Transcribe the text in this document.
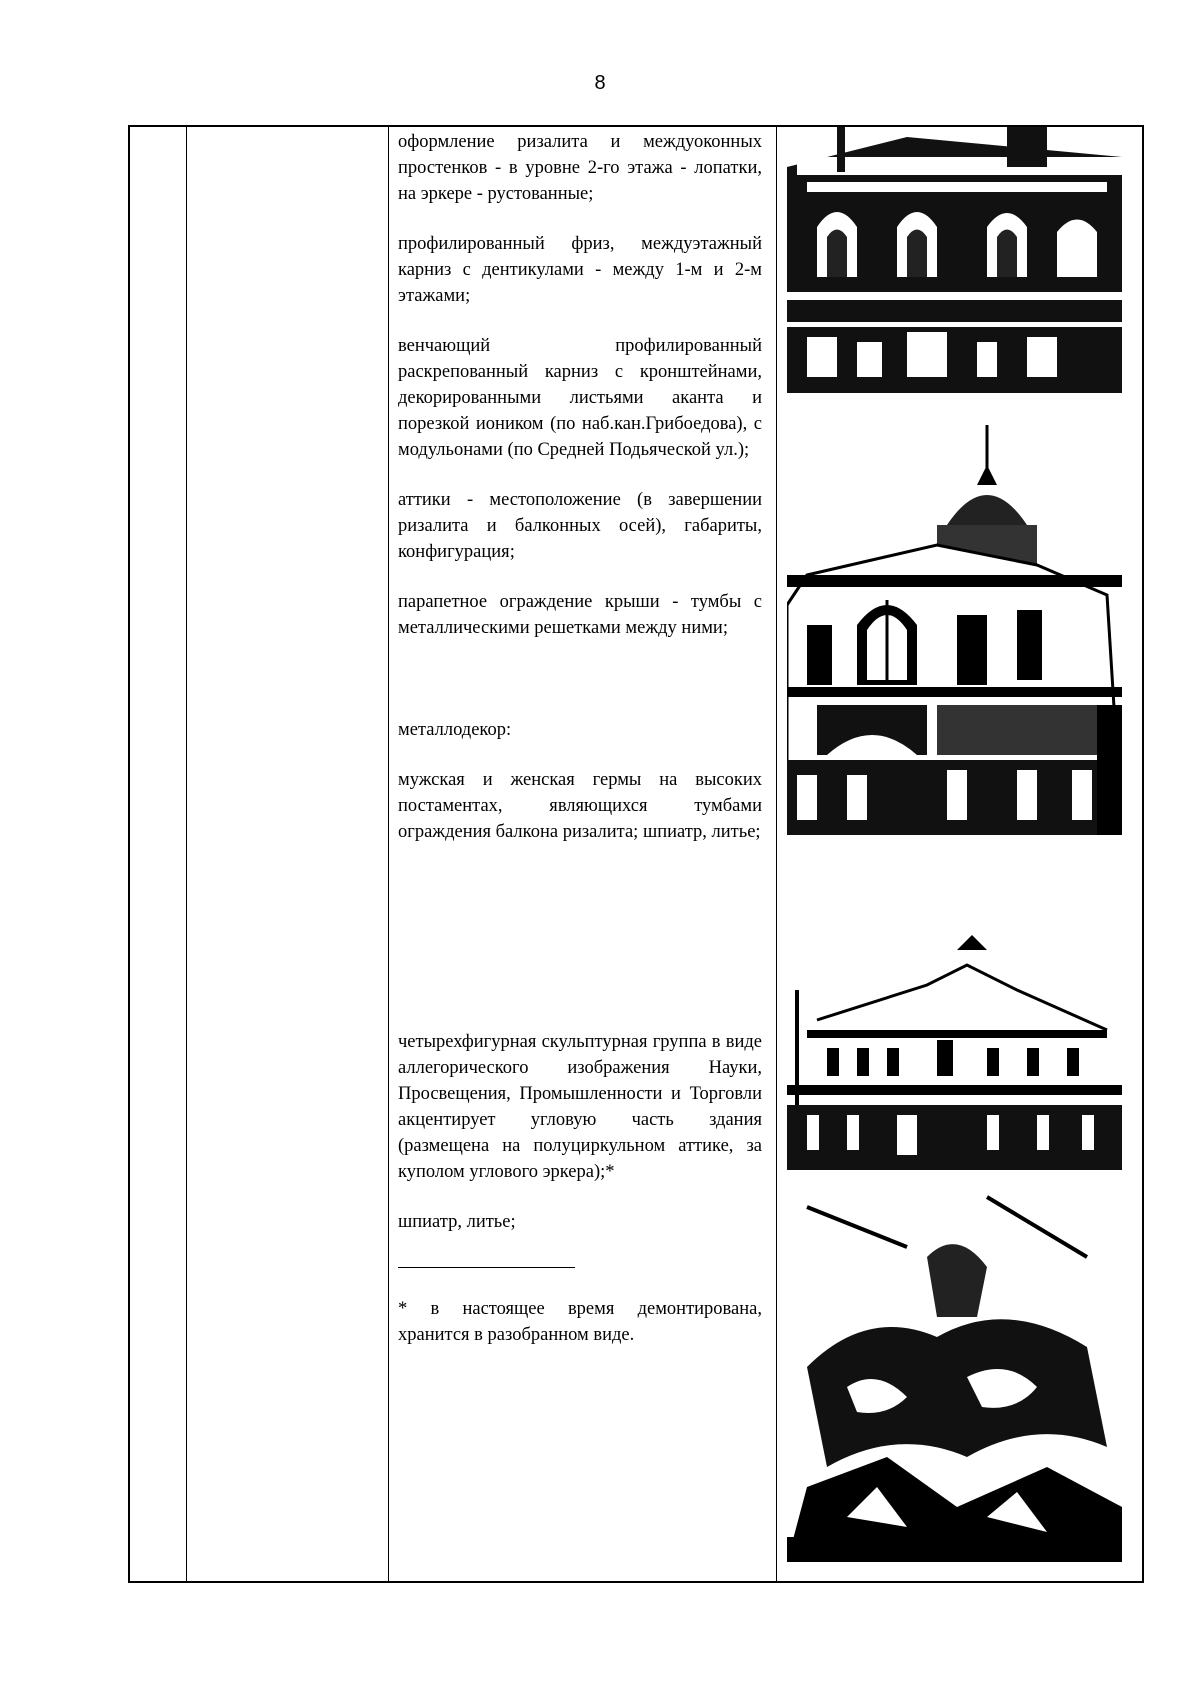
8

оформление ризалита и междуоконных простенков - в уровне 2-го этажа - лопатки, на эркере - рустованные;

профилированный фриз, междуэтажный карниз с дентикулами - между 1-м и 2-м этажами;

венчающий профилированный раскрепованный карниз с кронштейнами, декорированными листьями аканта и порезкой иоником (по наб.кан.Грибоедова), с модульонами (по Средней Подьяческой ул.);

аттики - местоположение (в завершении ризалита и балконных осей), габариты, конфигурация;

парапетное ограждение крыши - тумбы с металлическими решетками между ними;

металлодекор:

мужская и женская гермы на высоких постаментах, являющихся тумбами ограждения балкона ризалита; шпиатр, литье;

четырехфигурная скульптурная группа в виде аллегорического изображения Науки, Просвещения, Промышленности и Торговли акцентирует угловую часть здания (размещена на полуциркульном аттике, за куполом углового эркера);*

шпиатр, литье;

* в настоящее время демонтирована, хранится в разобранном виде.
